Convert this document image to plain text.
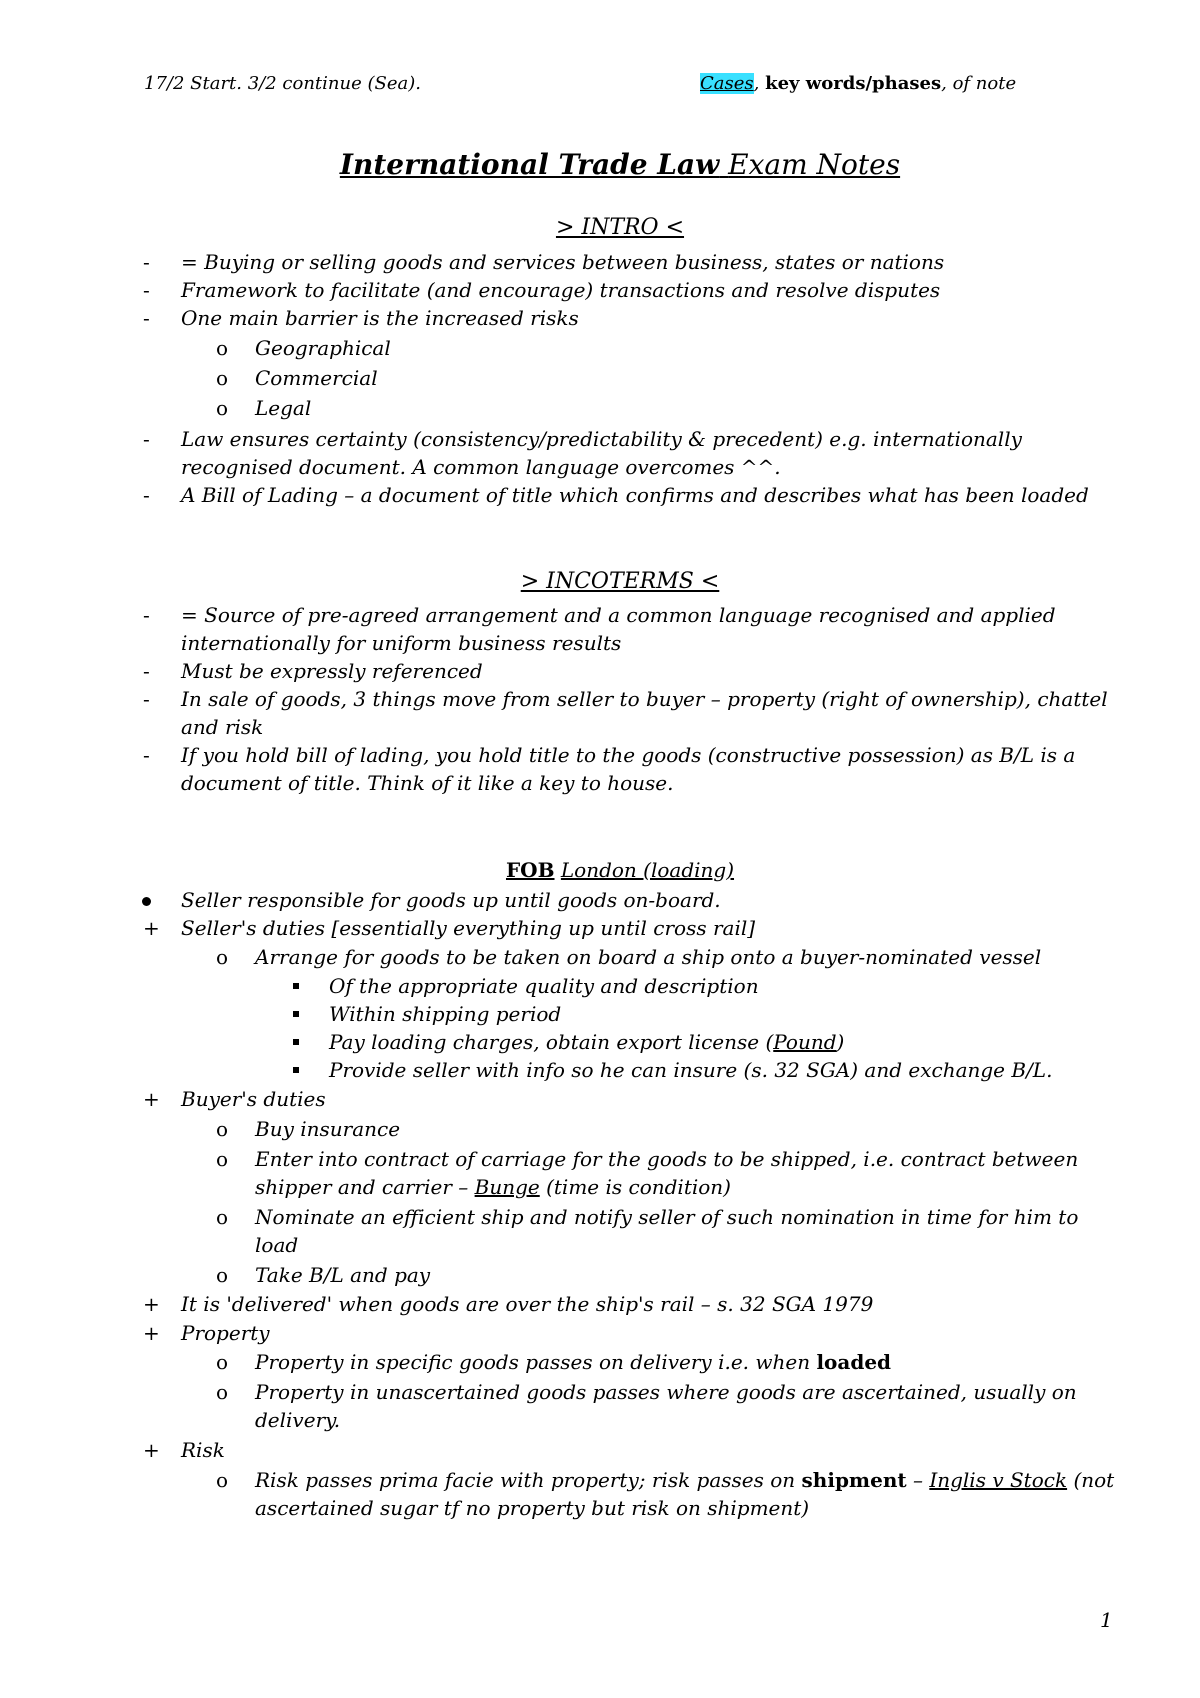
17/2 Start. 3/2 continue (Sea).	Cases, key words/phases, of note
International Trade Law Exam Notes
> INTRO <
- = Buying or selling goods and services between business, states or nations
- Framework to facilitate (and encourage) transactions and resolve disputes
- One main barrier is the increased risks
o Geographical
o Commercial
o Legal
- Law ensures certainty (consistency/predictability & precedent) e.g. internationally
recognised document. A common language overcomes ^^.
- A Bill of Lading – a document of title which confirms and describes what has been loaded
> INCOTERMS <
- = Source of pre-agreed arrangement and a common language recognised and applied
internationally for uniform business results
- Must be expressly referenced
- In sale of goods, 3 things move from seller to buyer – property (right of ownership), chattel
and risk
- If you hold bill of lading, you hold title to the goods (constructive possession) as B/L is a
document of title. Think of it like a key to house.
FOB London (loading)
Seller responsible for goods up until goods on-board.
+ Seller's duties [essentially everything up until cross rail]
o Arrange for goods to be taken on board a ship onto a buyer-nominated vessel
Of the appropriate quality and description
Within shipping period
Pay loading charges, obtain export license (Pound)
Provide seller with info so he can insure (s. 32 SGA) and exchange B/L.
+ Buyer's duties
o Buy insurance
o Enter into contract of carriage for the goods to be shipped, i.e. contract between
shipper and carrier – Bunge (time is condition)
o Nominate an efficient ship and notify seller of such nomination in time for him to
load
o Take B/L and pay
+ It is 'delivered' when goods are over the ship's rail – s. 32 SGA 1979
+ Property
o Property in specific goods passes on delivery i.e. when loaded
o Property in unascertained goods passes where goods are ascertained, usually on
delivery.
+ Risk
o Risk passes prima facie with property; risk passes on shipment – Inglis v Stock (not
ascertained sugar tf no property but risk on shipment)
1
